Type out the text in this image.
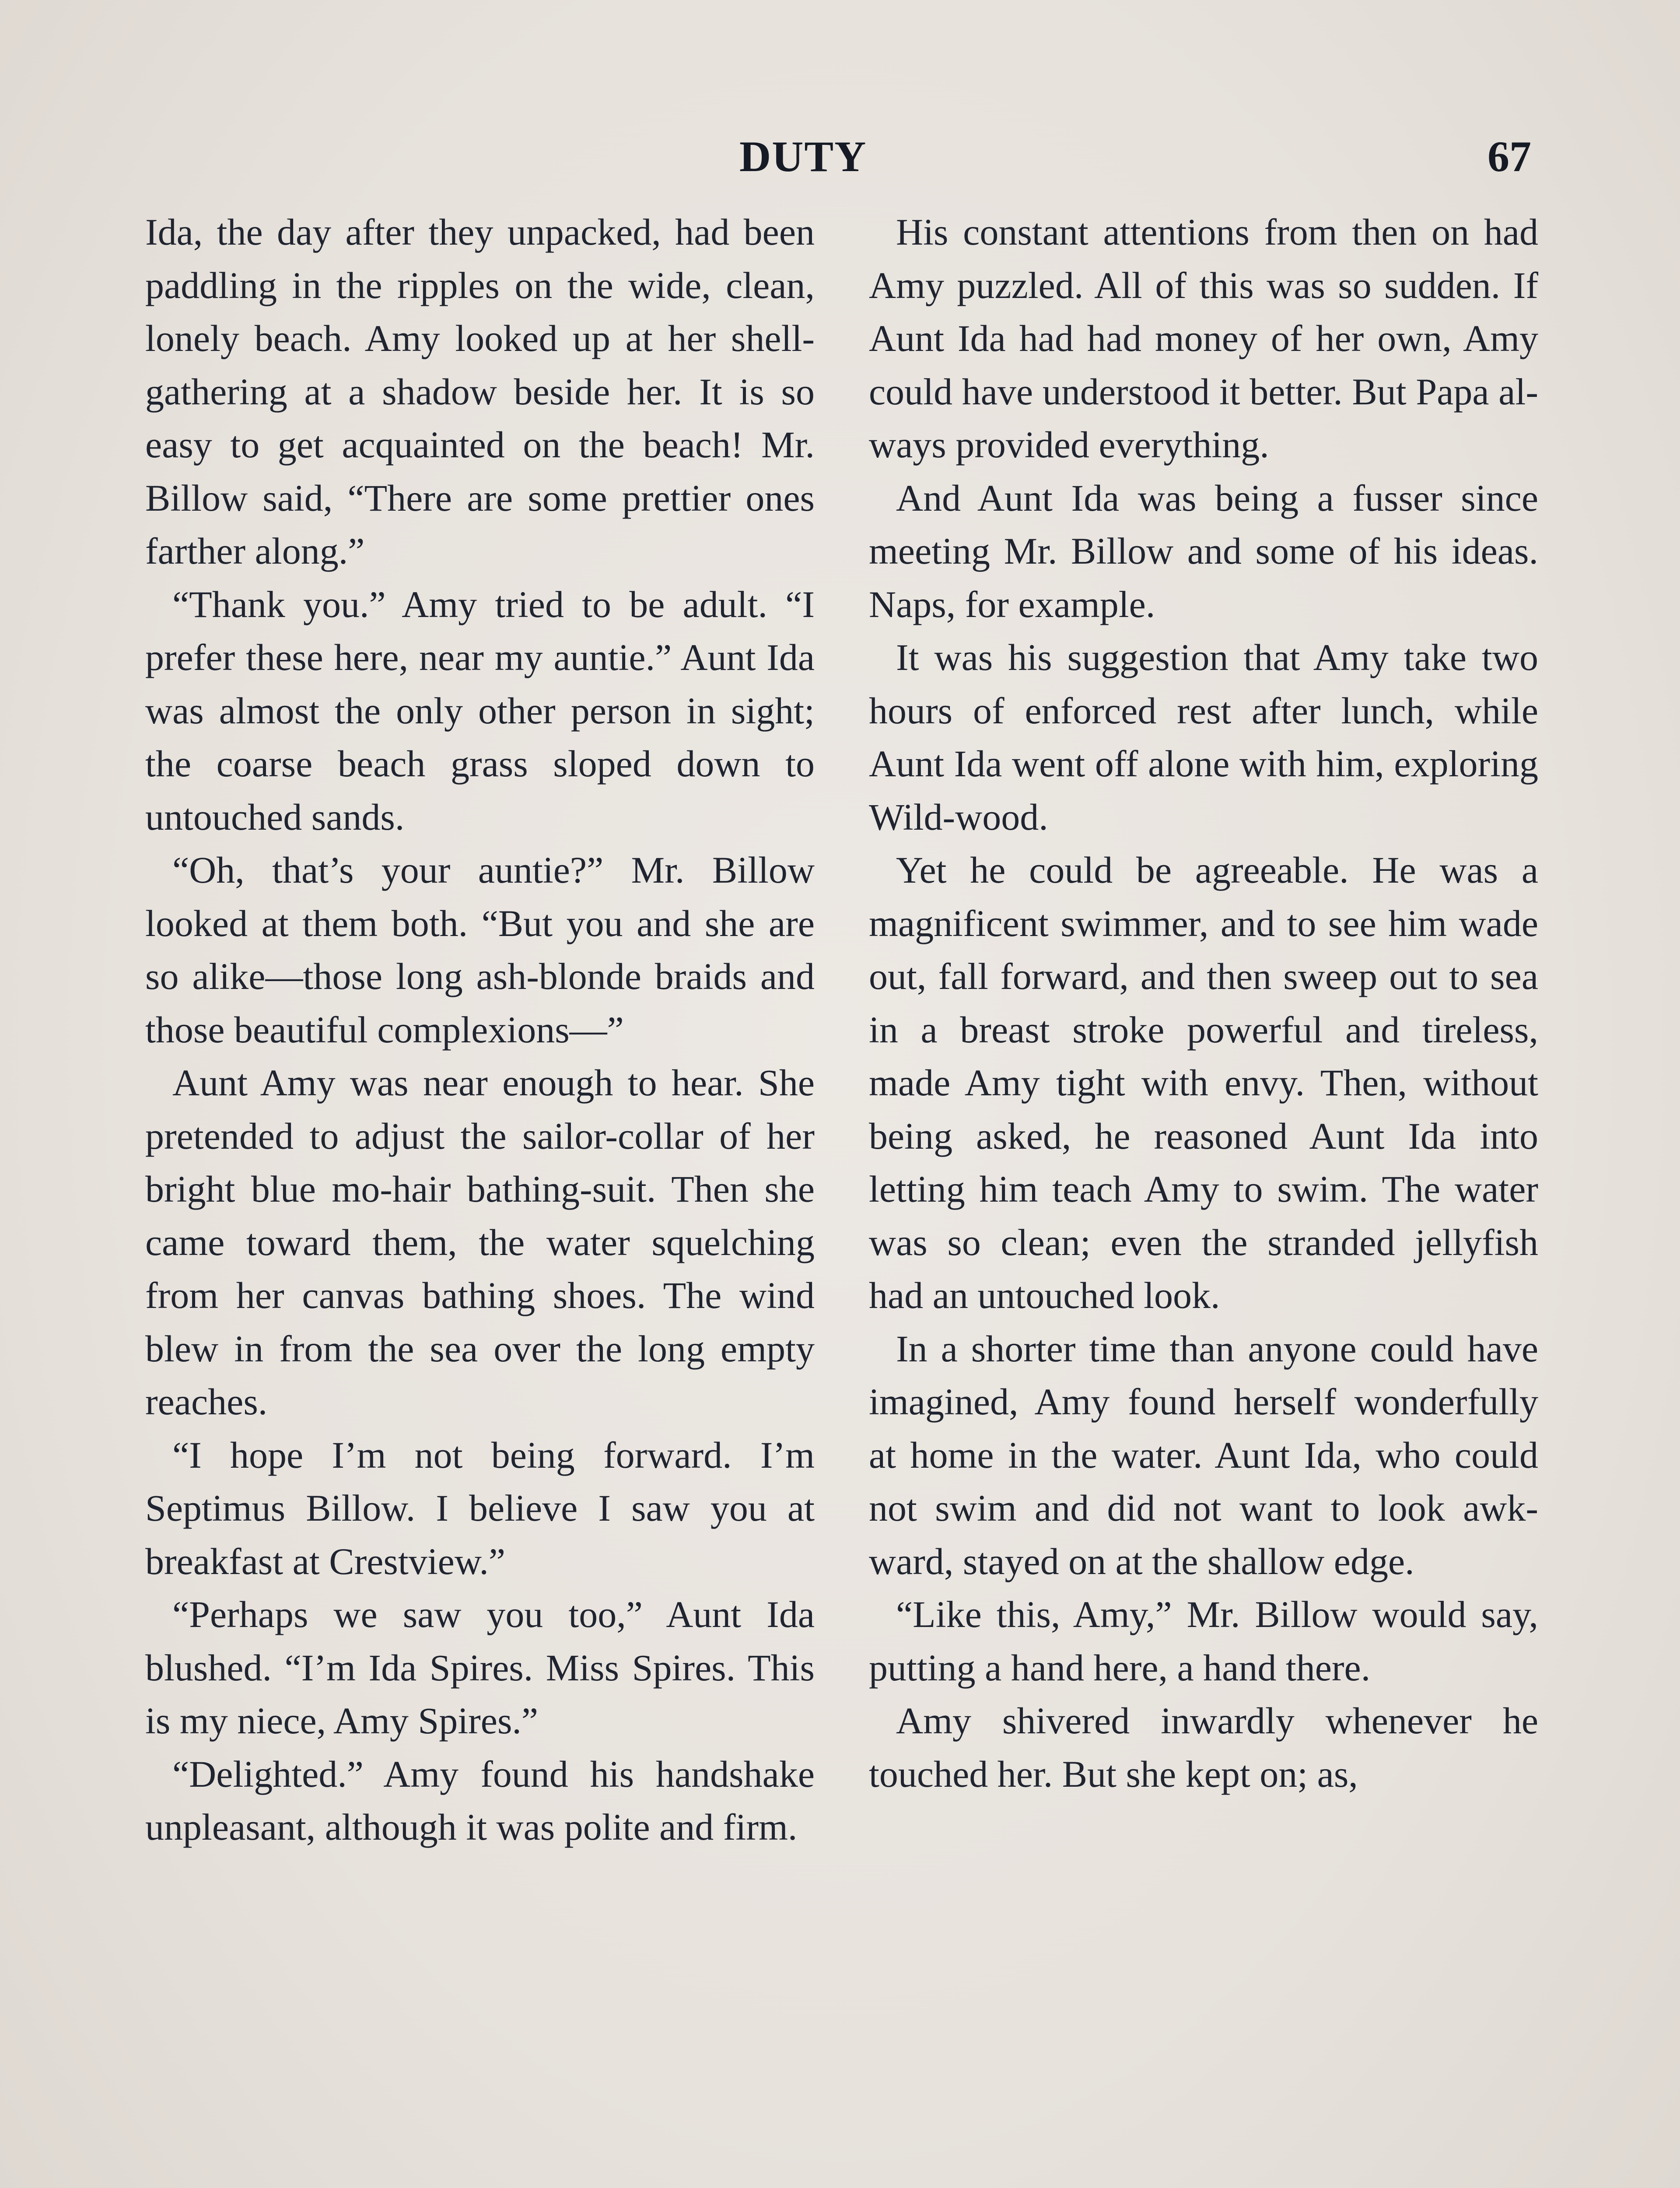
DUTY	67

Ida, the day after they unpacked, had been paddling in the ripples on the wide, clean, lonely beach. Amy looked up at her shell-gathering at a shadow beside her. It is so easy to get acquainted on the beach! Mr. Billow said, “There are some prettier ones farther along.”

“Thank you.” Amy tried to be adult. “I prefer these here, near my auntie.” Aunt Ida was almost the only other person in sight; the coarse beach grass sloped down to untouched sands.

“Oh, that’s your auntie?” Mr. Billow looked at them both. “But you and she are so alike—those long ash-blonde braids and those beautiful complexions—”

Aunt Amy was near enough to hear. She pretended to adjust the sailor-collar of her bright blue mo-hair bathing-suit. Then she came toward them, the water squelching from her canvas bathing shoes. The wind blew in from the sea over the long empty reaches.

“I hope I’m not being forward. I’m Septimus Billow. I believe I saw you at breakfast at Crestview.”

“Perhaps we saw you too,” Aunt Ida blushed. “I’m Ida Spires. Miss Spires. This is my niece, Amy Spires.”

“Delighted.” Amy found his handshake unpleasant, although it was polite and firm.

His constant attentions from then on had Amy puzzled. All of this was so sudden. If Aunt Ida had had money of her own, Amy could have understood it better. But Papa al-ways provided everything.

And Aunt Ida was being a fusser since meeting Mr. Billow and some of his ideas. Naps, for example.

It was his suggestion that Amy take two hours of enforced rest after lunch, while Aunt Ida went off alone with him, exploring Wild-wood.

Yet he could be agreeable. He was a magnificent swimmer, and to see him wade out, fall forward, and then sweep out to sea in a breast stroke powerful and tireless, made Amy tight with envy. Then, without being asked, he reasoned Aunt Ida into letting him teach Amy to swim. The water was so clean; even the stranded jellyfish had an untouched look.

In a shorter time than anyone could have imagined, Amy found herself wonderfully at home in the water. Aunt Ida, who could not swim and did not want to look awk-ward, stayed on at the shallow edge.

“Like this, Amy,” Mr. Billow would say, putting a hand here, a hand there.

Amy shivered inwardly whenever he touched her. But she kept on; as,
